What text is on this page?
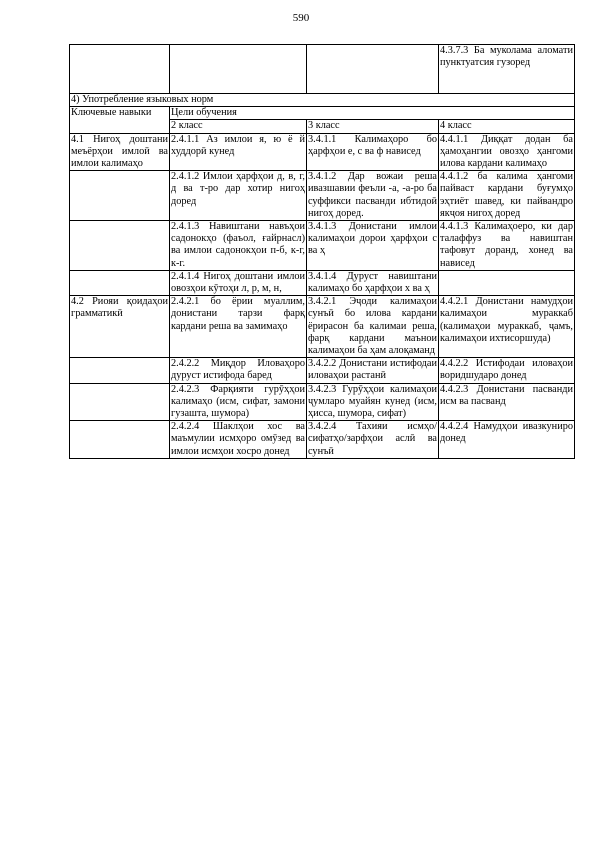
590
			4.3.7.3 Ба муколама аломати пунктуатсия гузоред
4) Употребление языковых норм			
Ключевые навыки	Цели обучения		
	2 класс	3 класс	4 класс
4.1 Нигоҳ доштани меъёрҳои имлоӣ ва имлои калимаҳо	2.4.1.1 Аз имлои я, ю ё й худдорӣ кунед	3.4.1.1 Калимаҳоро бо ҳарфҳои е, с ва ф нависед	4.4.1.1 Диққат додан ба ҳамоҳангии овозҳо ҳангоми илова кардани калимаҳо
	2.4.1.2 Имлои ҳарфҳои д, в, г, д ва т-ро дар хотир нигоҳ доред	3.4.1.2 Дар вожаи реша ивазшавии феъли -а, -а-ро ба суффикси пасванди ибтидоӣ нигоҳ доред.	4.4.1.2 ба калима ҳангоми пайваст кардани буғумҳо эҳтиёт шавед, ки пайвандро якҷоя нигоҳ доред
	2.4.1.3 Навиштани навъҳои садонокҳо (фаъол, ғайрнасл) ва имлои садонокҳои п-б, к-г, к-г.	3.4.1.3 Донистани имлои калимаҳои дорои ҳарфҳои с ва ҳ	4.4.1.3 Калимаҳоеро, ки дар талаффуз ва навиштан тафовут доранд, хонед ва нависед
	2.4.1.4 Нигоҳ доштани имлои овозҳои кӯтоҳи л, р, м, н,	3.4.1.4 Дуруст навиштани калимаҳо бо ҳарфҳои х ва ҳ	
4.2 Риояи қоидаҳои грамматикӣ	2.4.2.1 бо ёрии муаллим, донистани тарзи фарқ кардани реша ва замимаҳо	3.4.2.1 Эҷоди калимаҳои сунъӣ бо илова кардани ёрирасон ба калимаи реша, фарқ кардани маънои калимаҳои ба ҳам алоқаманд	4.4.2.1 Донистани намудҳои калимаҳои мураккаб (калимаҳои мураккаб, ҷамъ, калимаҳои ихтисоршуда)
	2.4.2.2 Миқдор Иловаҳоро дуруст истифода баред	3.4.2.2 Донистани истифодаи иловаҳои растанӣ	4.4.2.2 Истифодаи иловаҳои воридшударо донед
	2.4.2.3 Фарқияти гурӯҳҳои калимаҳо (исм, сифат, замони гузашта, шумора)	3.4.2.3 Гурӯҳҳои калимаҳои ҷумларо муайян кунед (исм, ҳисса, шумора, сифат)	4.4.2.3 Донистани пасванди исм ва пасванд
	2.4.2.4 Шаклҳои хос ва маъмулии исмҳоро омӯзед ва имлои исмҳои хосро донед	3.4.2.4 Тахияи исмҳо/сифатҳо/зарфҳои аслӣ ва сунъӣ	4.4.2.4 Намудҳои ивазкуниро донед
